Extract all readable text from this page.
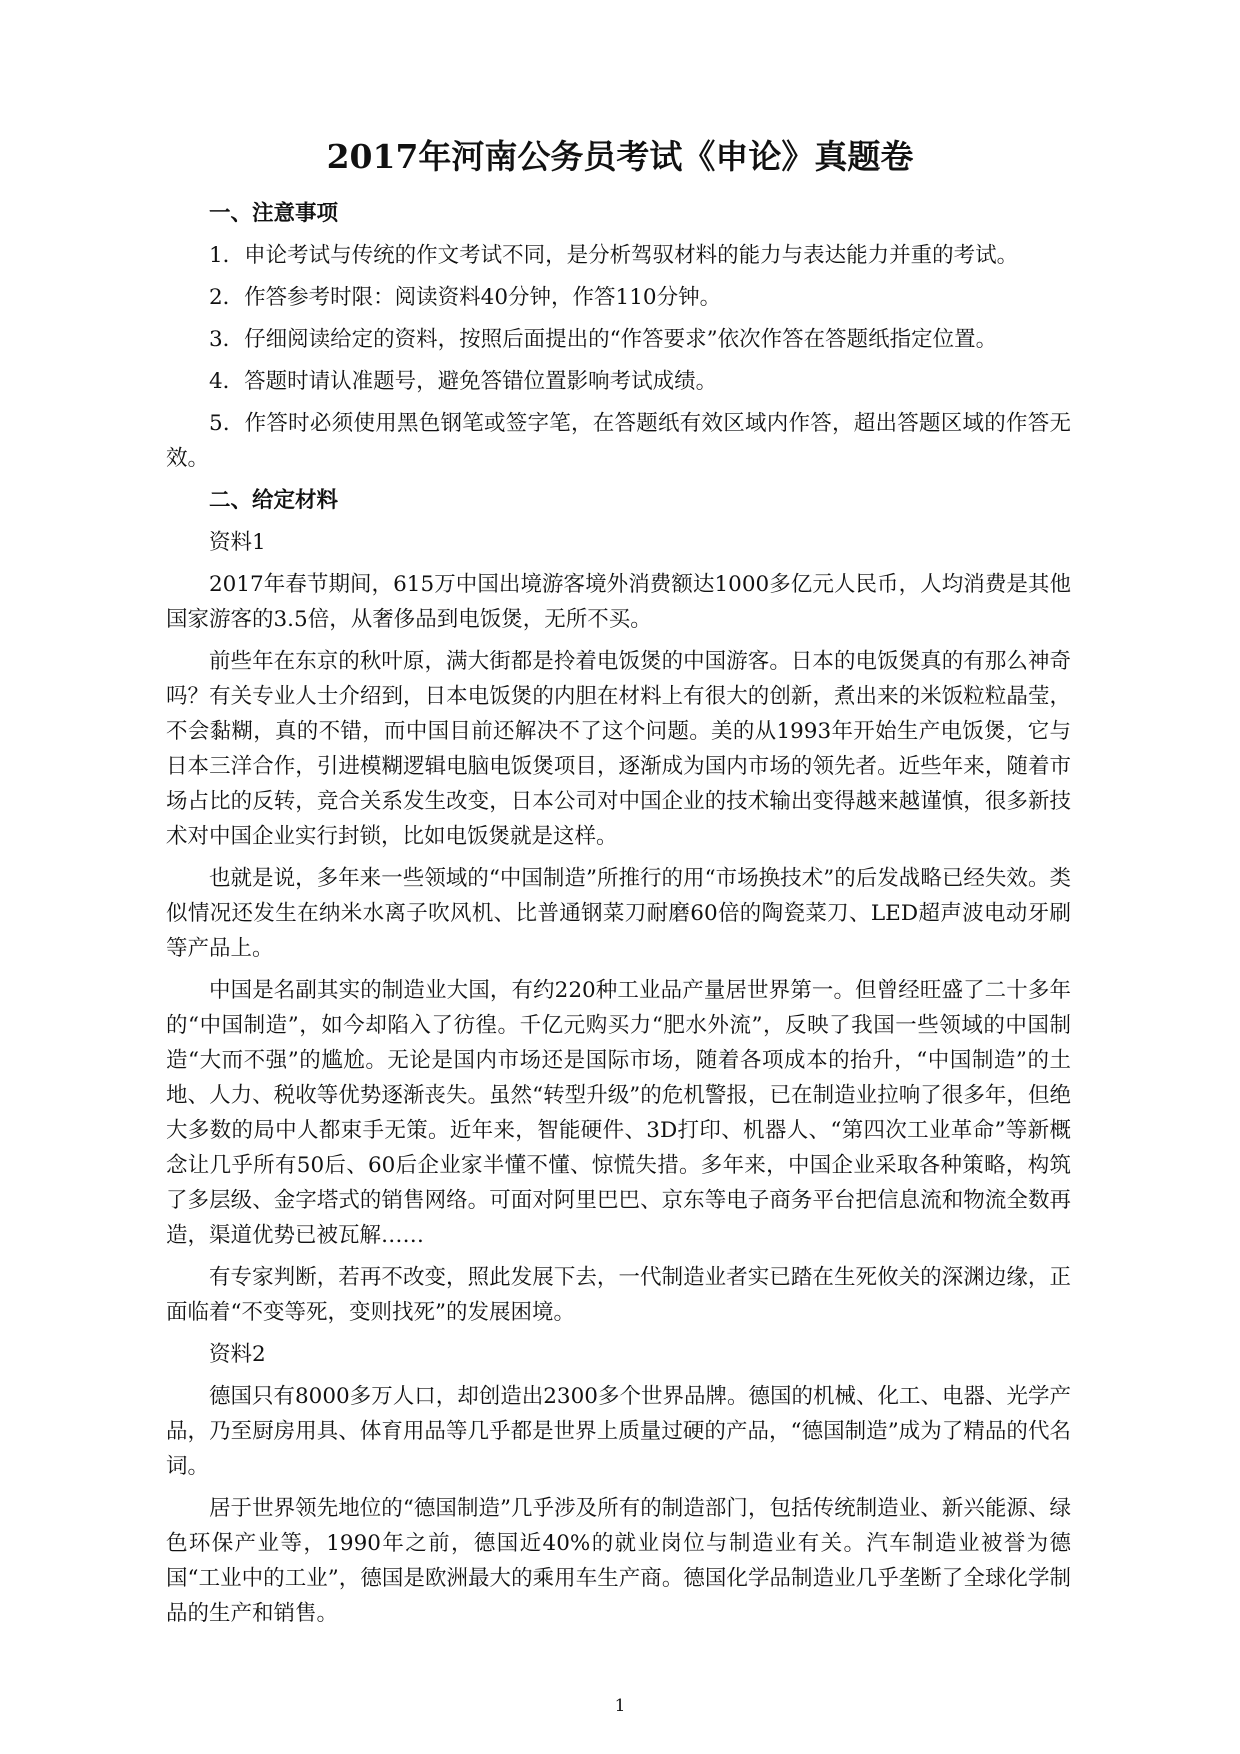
2017年河南公务员考试《申论》真题卷

一、注意事项

1．申论考试与传统的作文考试不同，是分析驾驭材料的能力与表达能力并重的考试。

2．作答参考时限：阅读资料40分钟，作答110分钟。

3．仔细阅读给定的资料，按照后面提出的“作答要求”依次作答在答题纸指定位置。

4．答题时请认准题号，避免答错位置影响考试成绩。

5．作答时必须使用黑色钢笔或签字笔，在答题纸有效区域内作答，超出答题区域的作答无效。

二、给定材料

资料1

2017年春节期间，615万中国出境游客境外消费额达1000多亿元人民币，人均消费是其他国家游客的3.5倍，从奢侈品到电饭煲，无所不买。

前些年在东京的秋叶原，满大街都是拎着电饭煲的中国游客。日本的电饭煲真的有那么神奇吗？有关专业人士介绍到，日本电饭煲的内胆在材料上有很大的创新，煮出来的米饭粒粒晶莹，不会黏糊，真的不错，而中国目前还解决不了这个问题。美的从1993年开始生产电饭煲，它与日本三洋合作，引进模糊逻辑电脑电饭煲项目，逐渐成为国内市场的领先者。近些年来，随着市场占比的反转，竞合关系发生改变，日本公司对中国企业的技术输出变得越来越谨慎，很多新技术对中国企业实行封锁，比如电饭煲就是这样。

也就是说，多年来一些领域的“中国制造”所推行的用“市场换技术”的后发战略已经失效。类似情况还发生在纳米水离子吹风机、比普通钢菜刀耐磨60倍的陶瓷菜刀、LED超声波电动牙刷等产品上。

中国是名副其实的制造业大国，有约220种工业品产量居世界第一。但曾经旺盛了二十多年的“中国制造”，如今却陷入了彷徨。千亿元购买力“肥水外流”，反映了我国一些领域的中国制造“大而不强”的尴尬。无论是国内市场还是国际市场，随着各项成本的抬升，“中国制造”的土地、人力、税收等优势逐渐丧失。虽然“转型升级”的危机警报，已在制造业拉响了很多年，但绝大多数的局中人都束手无策。近年来，智能硬件、3D打印、机器人、“第四次工业革命”等新概念让几乎所有50后、60后企业家半懂不懂、惊慌失措。多年来，中国企业采取各种策略，构筑了多层级、金字塔式的销售网络。可面对阿里巴巴、京东等电子商务平台把信息流和物流全数再造，渠道优势已被瓦解……

有专家判断，若再不改变，照此发展下去，一代制造业者实已踏在生死攸关的深渊边缘，正面临着“不变等死，变则找死”的发展困境。

资料2

德国只有8000多万人口，却创造出2300多个世界品牌。德国的机械、化工、电器、光学产品，乃至厨房用具、体育用品等几乎都是世界上质量过硬的产品，“德国制造”成为了精品的代名词。

居于世界领先地位的“德国制造”几乎涉及所有的制造部门，包括传统制造业、新兴能源、绿色环保产业等，1990年之前，德国近40%的就业岗位与制造业有关。汽车制造业被誉为德国“工业中的工业”，德国是欧洲最大的乘用车生产商。德国化学品制造业几乎垄断了全球化学制品的生产和销售。

1
